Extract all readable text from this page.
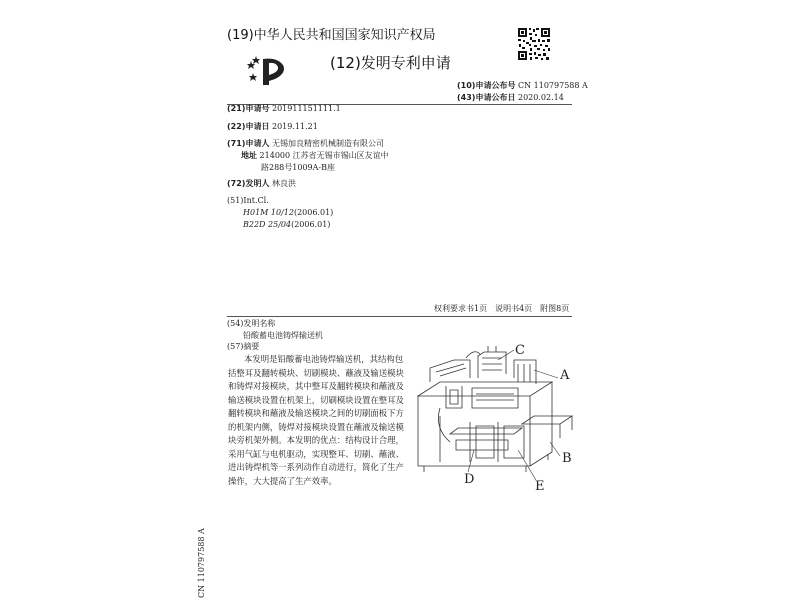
(19)中华人民共和国国家知识产权局
(12)发明专利申请
(10)申请公布号 CN 110797588 A
(43)申请公布日 2020.02.14
(21)申请号 201911151111.1
(22)申请日 2019.11.21
(71)申请人 无锡加良精密机械制造有限公司
地址 214000 江苏省无锡市锡山区友谊中
路288号1009A-B座
(72)发明人 林良洪
(51)Int.Cl.
H01M 10/12(2006.01)
B22D 25/04(2006.01)
权利要求书1页　说明书4页　附图8页
(54)发明名称
铅酸蓄电池铸焊输送机
(57)摘要

本发明是铅酸蓄电池铸焊输送机，其结构包括整耳及翻转模块、切刷模块、蘸液及输送模块和铸焊对接模块，其中整耳及翻转模块和蘸液及输送模块设置在机架上，切刷模块设置在整耳及翻转模块和蘸液及输送模块之间的切刷面板下方的机架内侧，铸焊对接模块设置在蘸液及输送模块旁机架外侧。本发明的优点：结构设计合理，采用气缸与电机驱动，实现整耳、切刷、蘸液、进出铸焊机等一系列动作自动进行，简化了生产操作，大大提高了生产效率。

C
A
B
D	E
CN 110797588 A
